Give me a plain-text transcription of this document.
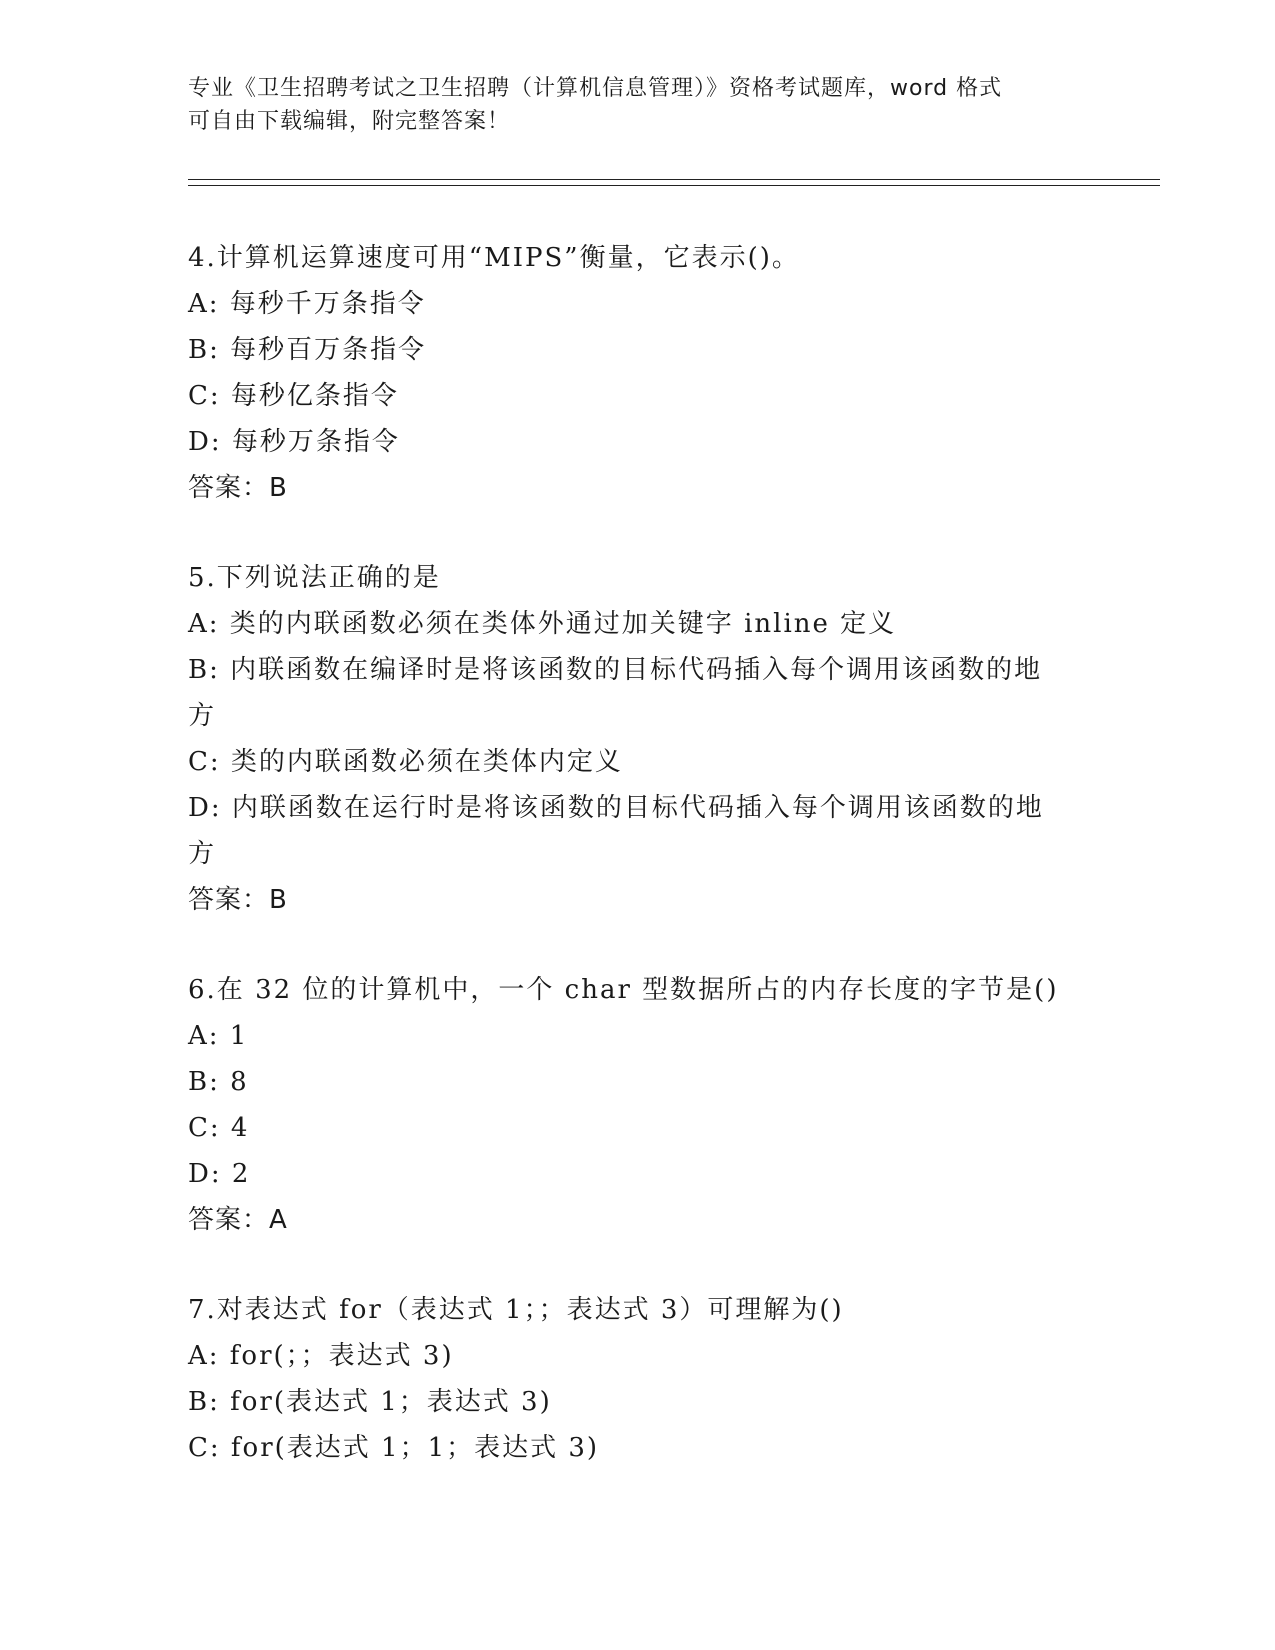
专业《卫生招聘考试之卫生招聘（计算机信息管理）》资格考试题库，word 格式
可自由下载编辑，附完整答案！
4.计算机运算速度可用“MIPS”衡量，它表示()。
A: 每秒千万条指令
B: 每秒百万条指令
C: 每秒亿条指令
D: 每秒万条指令
答案：B
5.下列说法正确的是
A: 类的内联函数必须在类体外通过加关键字 inline 定义
B: 内联函数在编译时是将该函数的目标代码插入每个调用该函数的地
方
C: 类的内联函数必须在类体内定义
D: 内联函数在运行时是将该函数的目标代码插入每个调用该函数的地
方
答案：B
6.在 32 位的计算机中，一个 char 型数据所占的内存长度的字节是()
A: 1
B: 8
C: 4
D: 2
答案：A
7.对表达式 for（表达式 1；；表达式 3）可理解为()
A: for(；；表达式 3)
B: for(表达式 1；表达式 3)
C: for(表达式 1；1；表达式 3)
